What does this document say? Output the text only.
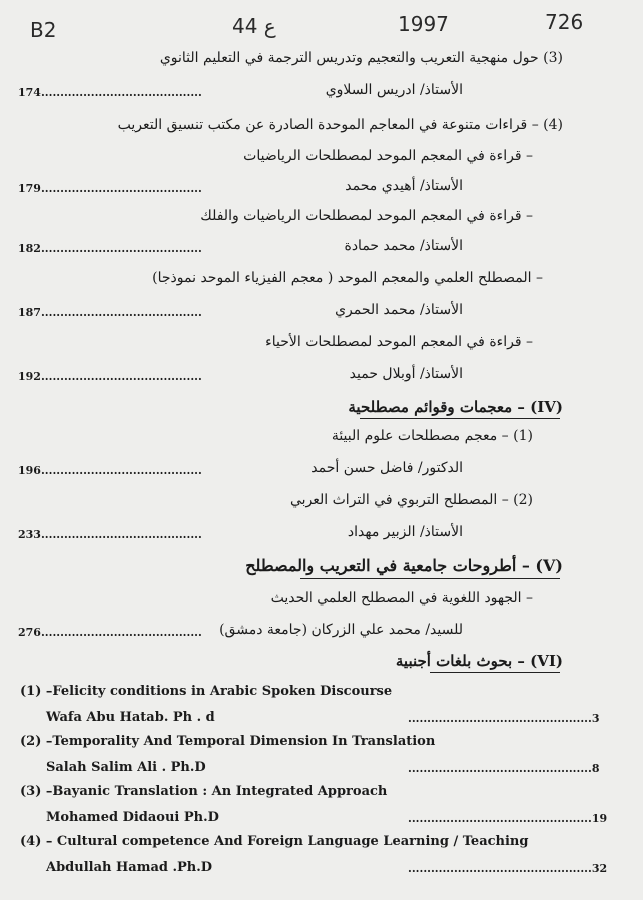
B2	ع 44	1997	726
(3) حول منهجية التعريب والتعجيم وتدريس الترجمة في التعليم الثانوي
الأستاذ/ ادريس السلاوي
174..........................................
(4) – قراءات متنوعة في المعاجم الموحدة الصادرة عن مكتب تنسيق التعريب
– قراءة في المعجم الموحد لمصطلحات الرياضيات
الأستاذ/ أهيدي محمد
179..........................................
– قراءة في المعجم الموحد لمصطلحات الرياضيات والفلك
الأستاذ/ محمد حمادة
182..........................................
– المصطلح العلمي والمعجم الموحد ( معجم الفيزياء الموحد نموذجا)
الأستاذ/ محمد الحمري
187..........................................
– قراءة في المعجم الموحد لمصطلحات الأحياء
الأستاذ/ أوبلال حميد
192..........................................
(IV) – معجمات وقوائم مصطلحية
(1) – معجم مصطلحات علوم البيئة
الدكتور/ فاضل حسن أحمد
196..........................................
(2) – المصطلح التربوي في التراث العربي
الأستاذ/ الزبير مهداد
233..........................................
(V) – أطروحات جامعية في التعريب والمصطلح
– الجهود اللغوية في المصطلح العلمي الحديث
للسيد/ محمد علي الزركان (جامعة دمشق)
276..........................................
(VI) – بحوث بلغات أجنبية
(1) –Felicity conditions in Arabic Spoken Discourse
Wafa Abu Hatab. Ph . d	................................................3
(2) –Temporality And Temporal Dimension In Translation
Salah Salim Ali . Ph.D	................................................8
(3) –Bayanic Translation : An Integrated Approach
Mohamed Didaoui Ph.D	................................................19
(4) – Cultural competence And Foreign Language Learning / Teaching
Abdullah Hamad .Ph.D	................................................32
